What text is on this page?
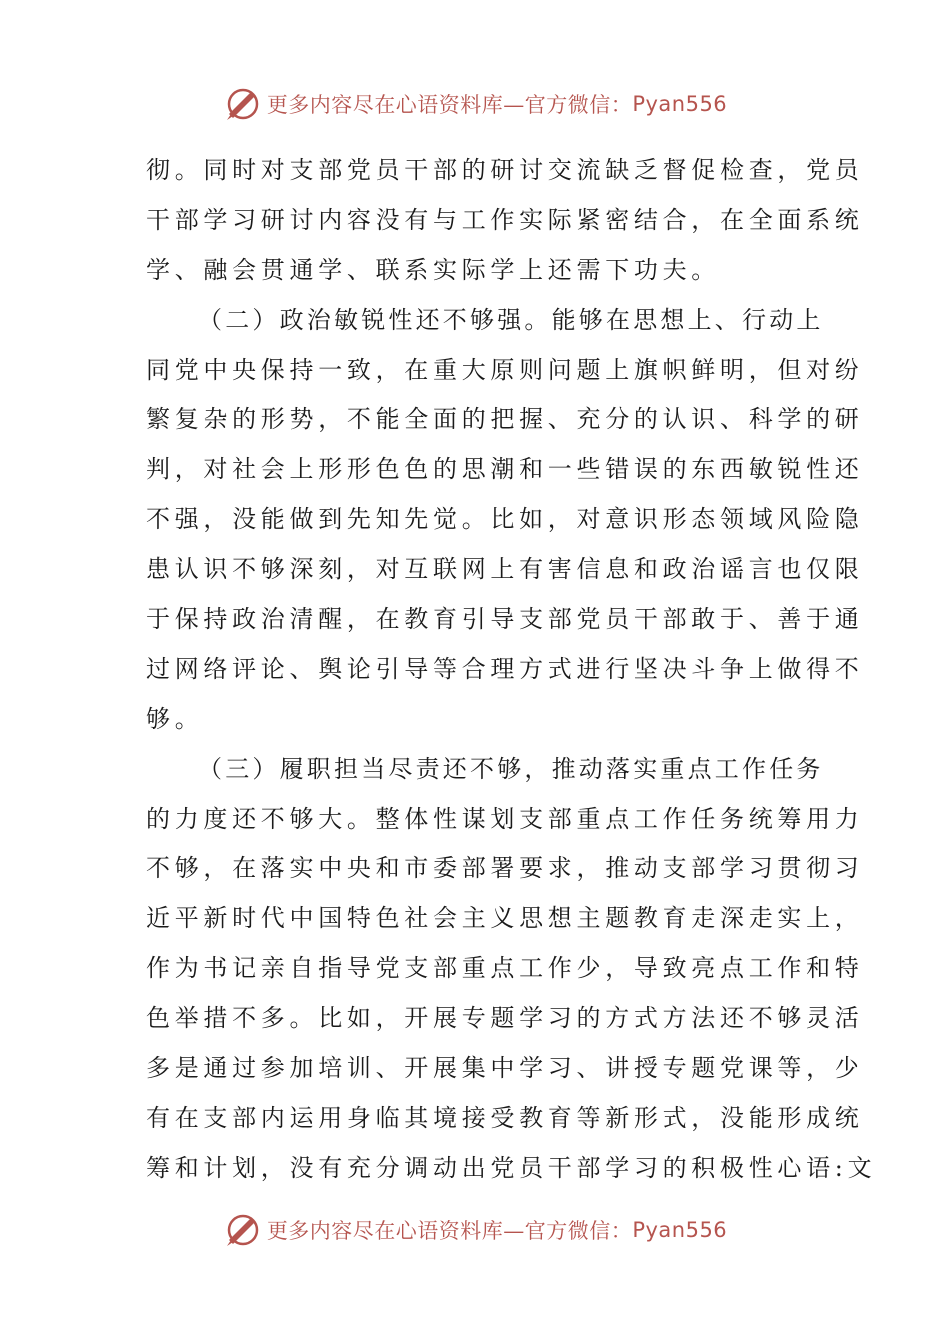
更多内容尽在心语资料库—官方微信： Pyan556
彻。同时对支部党员干部的研讨交流缺乏督促检查，党员
干部学习研讨内容没有与工作实际紧密结合，在全面系统
学、融会贯通学、联系实际学上还需下功夫。
（二）政治敏锐性还不够强。能够在思想上、行动上
同党中央保持一致，在重大原则问题上旗帜鲜明，但对纷
繁复杂的形势，不能全面的把握、充分的认识、科学的研
判，对社会上形形色色的思潮和一些错误的东西敏锐性还
不强，没能做到先知先觉。比如，对意识形态领域风险隐
患认识不够深刻，对互联网上有害信息和政治谣言也仅限
于保持政治清醒，在教育引导支部党员干部敢于、善于通
过网络评论、舆论引导等合理方式进行坚决斗争上做得不
够。
（三）履职担当尽责还不够，推动落实重点工作任务
的力度还不够大。整体性谋划支部重点工作任务统筹用力
不够，在落实中央和市委部署要求，推动支部学习贯彻习
近平新时代中国特色社会主义思想主题教育走深走实上，
作为书记亲自指导党支部重点工作少，导致亮点工作和特
色举措不多。比如，开展专题学习的方式方法还不够灵活
多是通过参加培训、开展集中学习、讲授专题党课等，少
有在支部内运用身临其境接受教育等新形式，没能形成统
筹和计划，没有充分调动出党员干部学习的积极性心语:文
更多内容尽在心语资料库—官方微信： Pyan556
